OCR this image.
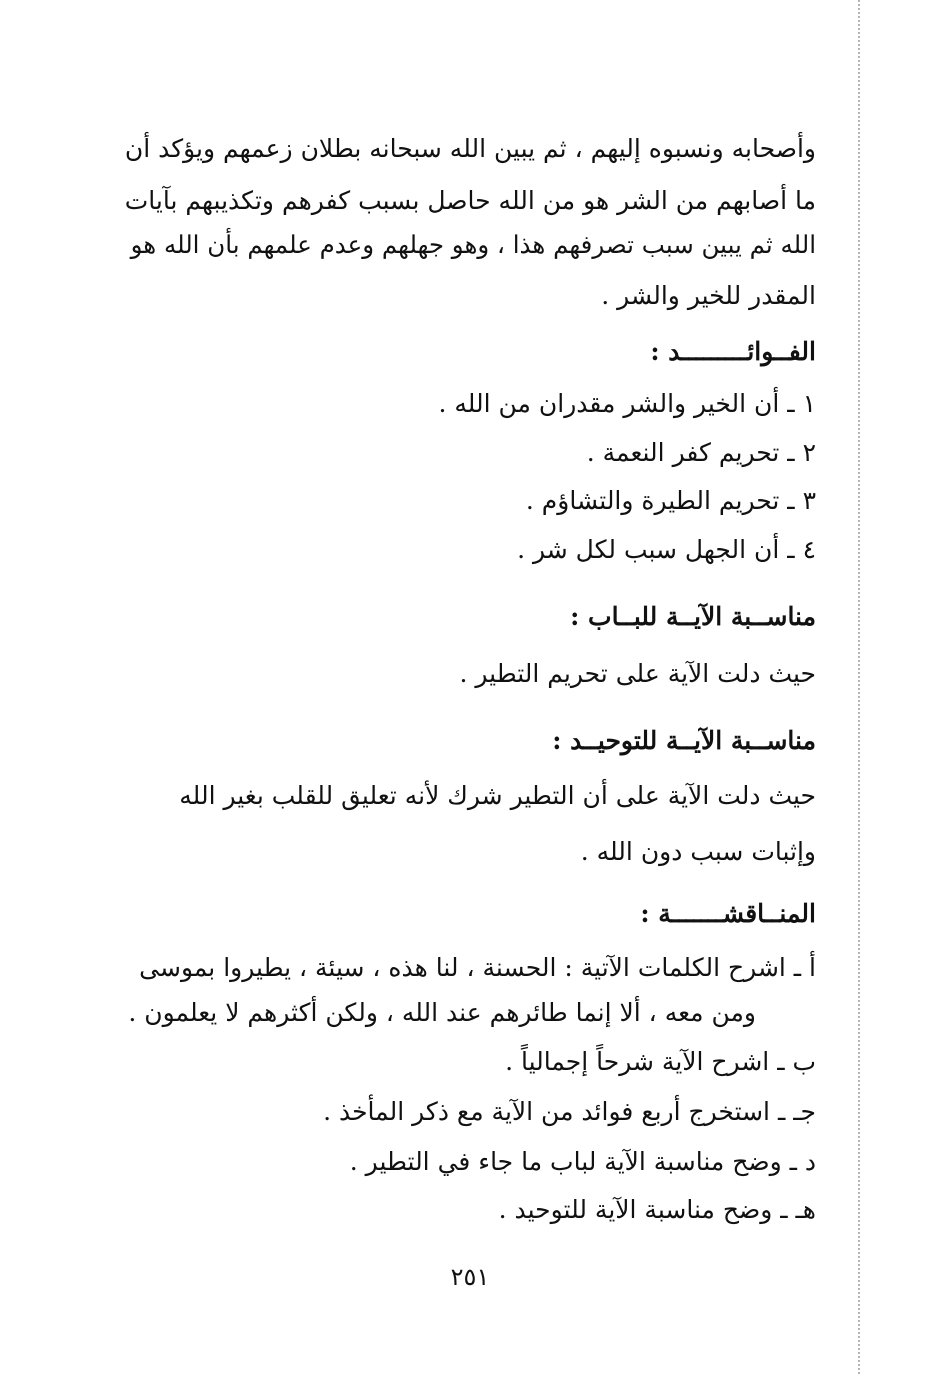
وأصحابه ونسبوه إليهم ، ثم يبين الله سبحانه بطلان زعمهم ويؤكد أن
ما أصابهم من الشر هو من الله حاصل بسبب كفرهم وتكذيبهم بآيات
الله ثم يبين سبب تصرفهم هذا ، وهو جهلهم وعدم علمهم بأن الله هو
المقدر للخير والشر .
الفــوائـــــــــد :
١ ـ أن الخير والشر مقدران من الله .
٢ ـ تحريم كفر النعمة .
٣ ـ تحريم الطيرة والتشاؤم .
٤ ـ أن الجهل سبب لكل شر .
مناســبة الآيــة للبــاب :
حيث دلت الآية على تحريم التطير .
مناســبة الآيــة للتوحيــد :
حيث دلت الآية على أن التطير شرك لأنه تعليق للقلب بغير الله
وإثبات سبب دون الله .
المنــاقشـــــــة :
أ ـ اشرح الكلمات الآتية : الحسنة ، لنا هذه ، سيئة ، يطيروا بموسى
ومن معه ، ألا إنما طائرهم عند الله ، ولكن أكثرهم لا يعلمون .
ب ـ اشرح الآية شرحاً إجمالياً .
جـ ـ استخرج أربع فوائد من الآية مع ذكر المأخذ .
د ـ وضح مناسبة الآية لباب ما جاء في التطير .
هـ ـ وضح مناسبة الآية للتوحيد .
٢٥١
